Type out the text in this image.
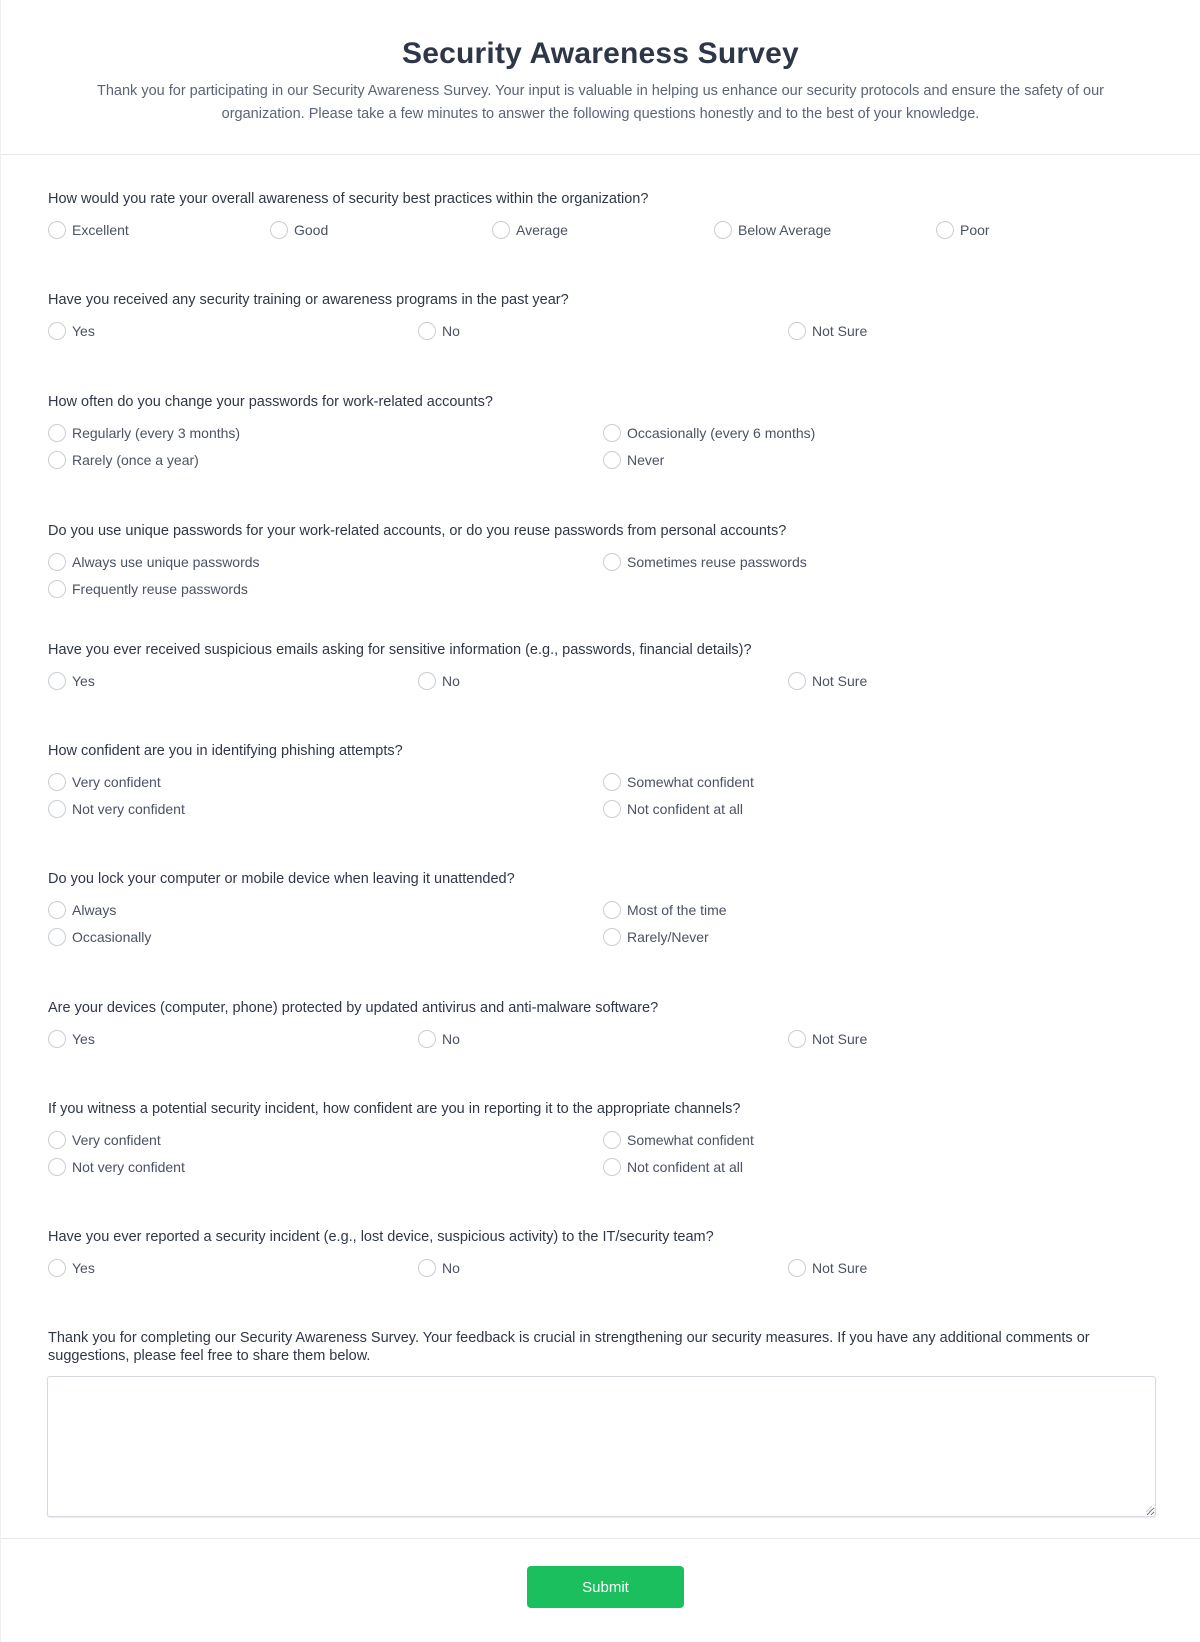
Security Awareness Survey

Thank you for participating in our Security Awareness Survey. Your input is valuable in helping us enhance our security protocols and ensure the safety of our organization. Please take a few minutes to answer the following questions honestly and to the best of your knowledge.

How would you rate your overall awareness of security best practices within the organization?
Excellent	Good	Average	Below Average	Poor
Have you received any security training or awareness programs in the past year?
Yes	No	Not Sure
How often do you change your passwords for work-related accounts?
Regularly (every 3 months)	Occasionally (every 6 months)
Rarely (once a year)	Never
Do you use unique passwords for your work-related accounts, or do you reuse passwords from personal accounts?
Always use unique passwords	Sometimes reuse passwords
Frequently reuse passwords
Have you ever received suspicious emails asking for sensitive information (e.g., passwords, financial details)?
Yes	No	Not Sure
How confident are you in identifying phishing attempts?
Very confident	Somewhat confident
Not very confident	Not confident at all
Do you lock your computer or mobile device when leaving it unattended?
Always	Most of the time
Occasionally	Rarely/Never
Are your devices (computer, phone) protected by updated antivirus and anti-malware software?
Yes	No	Not Sure
If you witness a potential security incident, how confident are you in reporting it to the appropriate channels?
Very confident	Somewhat confident
Not very confident	Not confident at all
Have you ever reported a security incident (e.g., lost device, suspicious activity) to the IT/security team?
Yes	No	Not Sure
Thank you for completing our Security Awareness Survey. Your feedback is crucial in strengthening our security measures. If you have any additional comments or suggestions, please feel free to share them below.
Submit
